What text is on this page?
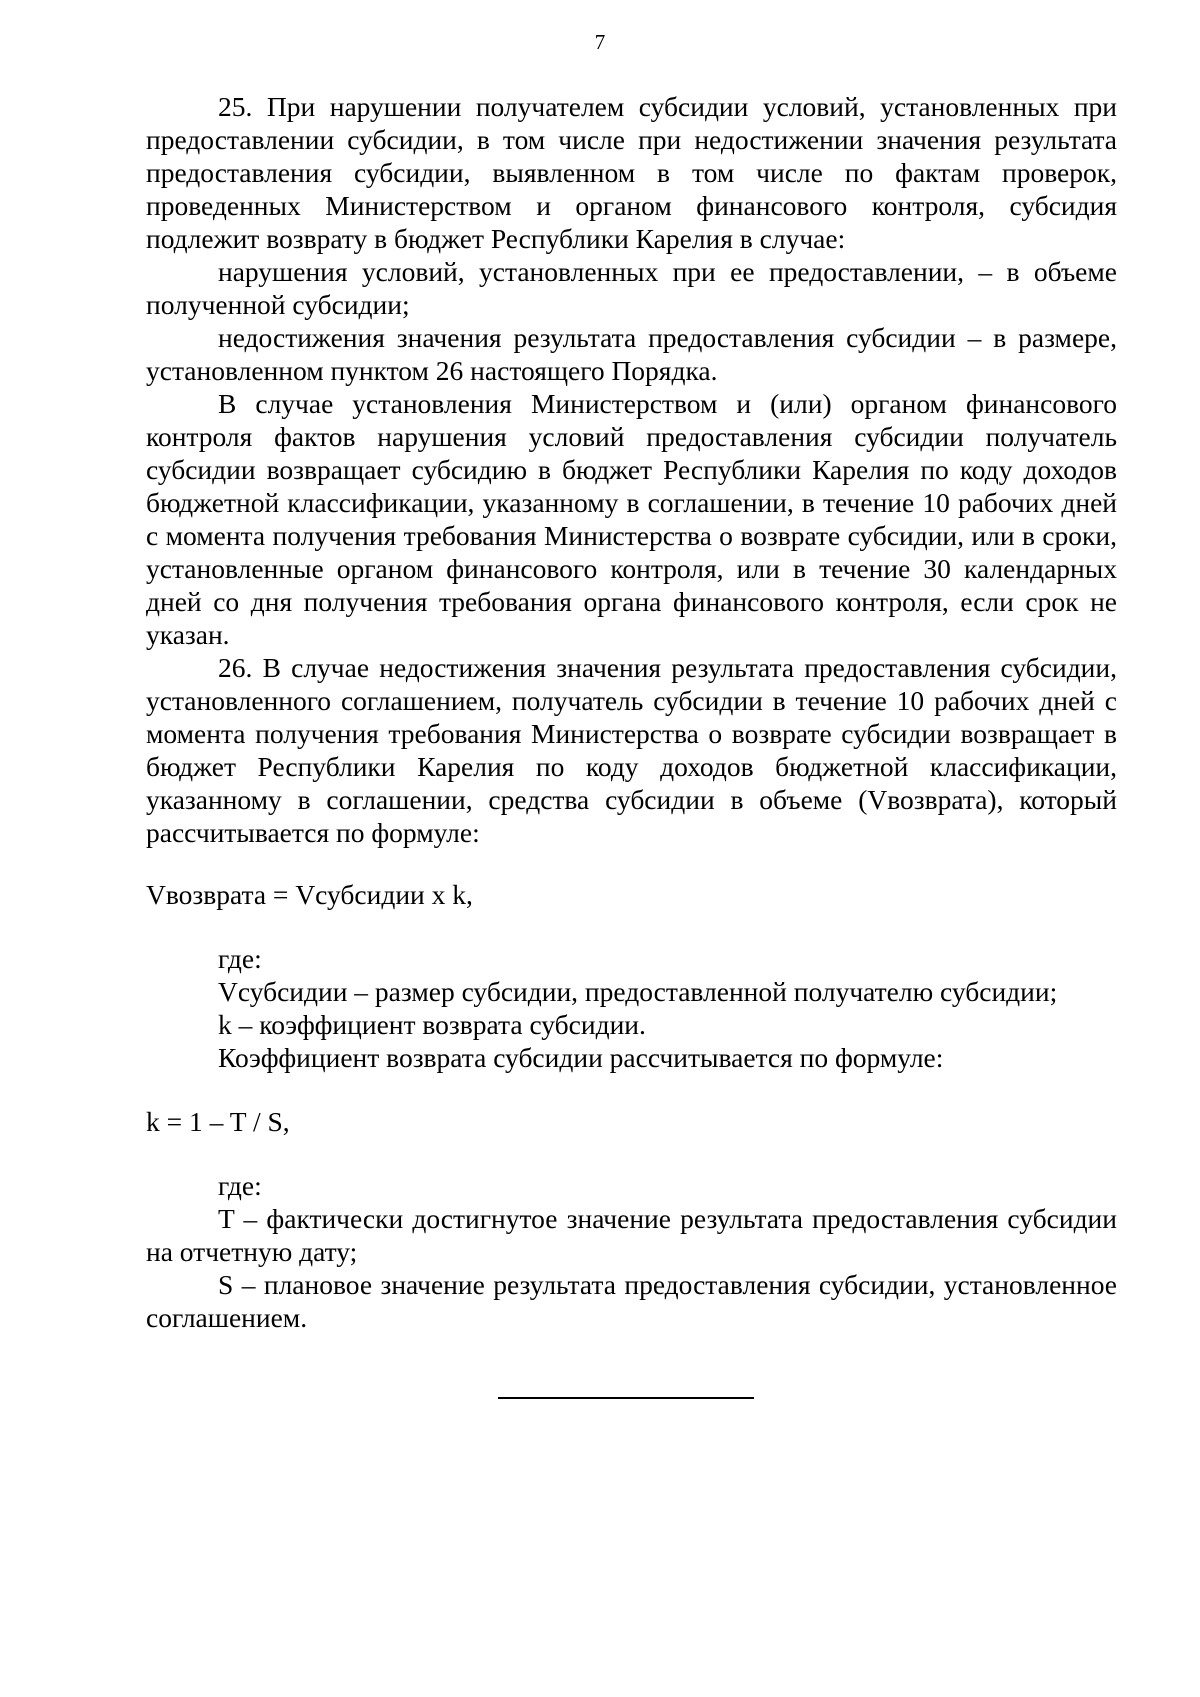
7

25. При нарушении получателем субсидии условий, установленных при предоставлении субсидии, в том числе при недостижении значения результата предоставления субсидии, выявленном в том числе по фактам проверок, проведенных Министерством и органом финансового контроля, субсидия подлежит возврату в бюджет Республики Карелия в случае:

нарушения условий, установленных при ее предоставлении, – в объеме полученной субсидии;

недостижения значения результата предоставления субсидии – в размере, установленном пунктом 26 настоящего Порядка.

В случае установления Министерством и (или) органом финансового контроля фактов нарушения условий предоставления субсидии получатель субсидии возвращает субсидию в бюджет Республики Карелия по коду доходов бюджетной классификации, указанному в соглашении, в течение 10 рабочих дней с момента получения требования Министерства о возврате субсидии, или в сроки, установленные органом финансового контроля, или в течение 30 календарных дней со дня получения требования органа финансового контроля, если срок не указан.

26. В случае недостижения значения результата предоставления субсидии, установленного соглашением, получатель субсидии в течение 10 рабочих дней с момента получения требования Министерства о возврате субсидии возвращает в бюджет Республики Карелия по коду доходов бюджетной классификации, указанному в соглашении, средства субсидии в объеме (Vвозврата), который рассчитывается по формуле:

Vвозврата = Vсубсидии x k,

где:

Vсубсидии – размер субсидии, предоставленной получателю субсидии;

k – коэффициент возврата субсидии.

Коэффициент возврата субсидии рассчитывается по формуле:

k = 1 – T / S,

где:

T – фактически достигнутое значение результата предоставления субсидии на отчетную дату;

S – плановое значение результата предоставления субсидии, установленное соглашением.
